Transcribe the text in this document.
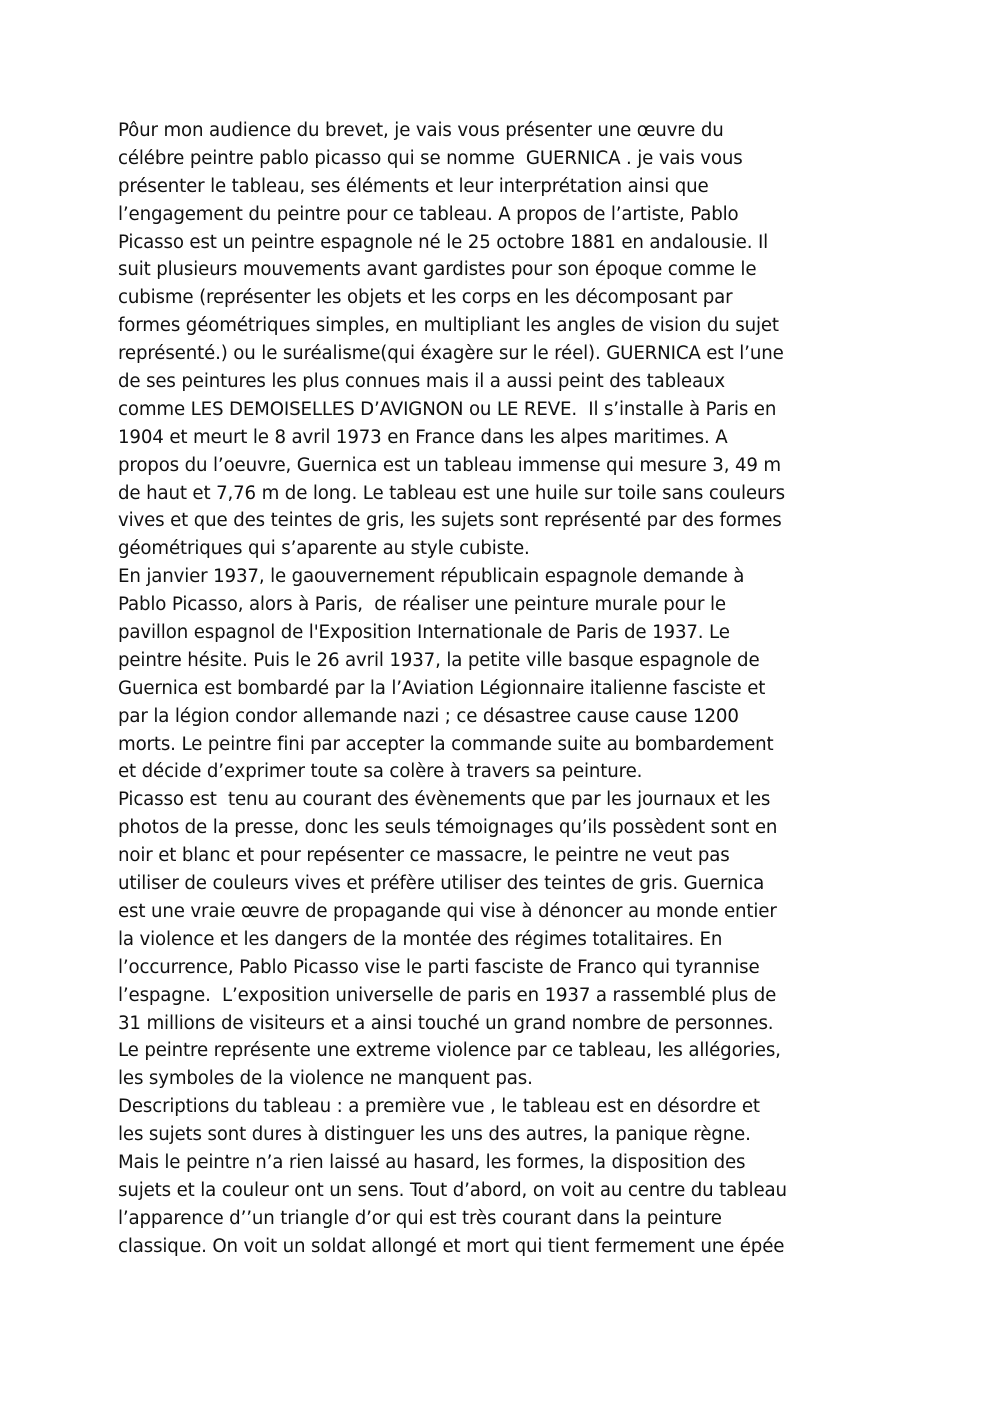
Pôur mon audience du brevet, je vais vous présenter une œuvre du
célébre peintre pablo picasso qui se nomme  GUERNICA . je vais vous
présenter le tableau, ses éléments et leur interprétation ainsi que
l’engagement du peintre pour ce tableau. A propos de l’artiste, Pablo
Picasso est un peintre espagnole né le 25 octobre 1881 en andalousie. Il
suit plusieurs mouvements avant gardistes pour son époque comme le
cubisme (représenter les objets et les corps en les décomposant par
formes géométriques simples, en multipliant les angles de vision du sujet
représenté.) ou le suréalisme(qui éxagère sur le réel). GUERNICA est l’une
de ses peintures les plus connues mais il a aussi peint des tableaux
comme LES DEMOISELLES D’AVIGNON ou LE REVE.  Il s’installe à Paris en
1904 et meurt le 8 avril 1973 en France dans les alpes maritimes. A
propos du l’oeuvre, Guernica est un tableau immense qui mesure 3, 49 m
de haut et 7,76 m de long. Le tableau est une huile sur toile sans couleurs
vives et que des teintes de gris, les sujets sont représenté par des formes
géométriques qui s’aparente au style cubiste.
En janvier 1937, le gaouvernement républicain espagnole demande à
Pablo Picasso, alors à Paris,  de réaliser une peinture murale pour le
pavillon espagnol de l'Exposition Internationale de Paris de 1937. Le
peintre hésite. Puis le 26 avril 1937, la petite ville basque espagnole de
Guernica est bombardé par la l’Aviation Légionnaire italienne fasciste et
par la légion condor allemande nazi ; ce désastree cause cause 1200
morts. Le peintre fini par accepter la commande suite au bombardement
et décide d’exprimer toute sa colère à travers sa peinture.
Picasso est  tenu au courant des évènements que par les journaux et les
photos de la presse, donc les seuls témoignages qu’ils possèdent sont en
noir et blanc et pour repésenter ce massacre, le peintre ne veut pas
utiliser de couleurs vives et préfère utiliser des teintes de gris. Guernica
est une vraie œuvre de propagande qui vise à dénoncer au monde entier
la violence et les dangers de la montée des régimes totalitaires. En
l’occurrence, Pablo Picasso vise le parti fasciste de Franco qui tyrannise
l’espagne.  L’exposition universelle de paris en 1937 a rassemblé plus de
31 millions de visiteurs et a ainsi touché un grand nombre de personnes.
Le peintre représente une extreme violence par ce tableau, les allégories,
les symboles de la violence ne manquent pas.
Descriptions du tableau : a première vue , le tableau est en désordre et
les sujets sont dures à distinguer les uns des autres, la panique règne.
Mais le peintre n’a rien laissé au hasard, les formes, la disposition des
sujets et la couleur ont un sens. Tout d’abord, on voit au centre du tableau
l’apparence d’’un triangle d’or qui est très courant dans la peinture
classique. On voit un soldat allongé et mort qui tient fermement une épée
